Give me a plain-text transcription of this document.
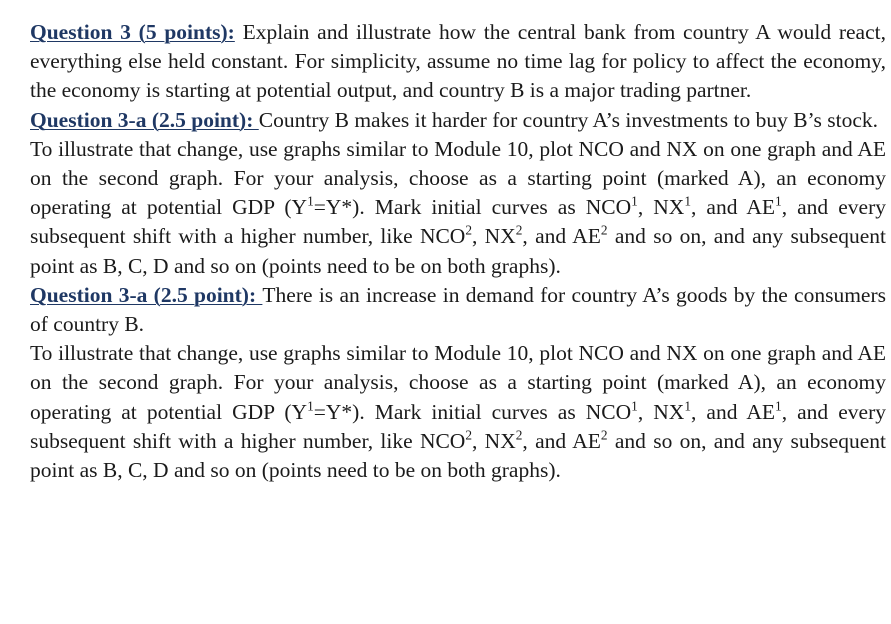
Question 3 (5 points): Explain and illustrate how the central bank from country A would react, everything else held constant. For simplicity, assume no time lag for policy to affect the economy, the economy is starting at potential output, and country B is a major trading partner.

Question 3-a (2.5 point): Country B makes it harder for country A’s investments to buy B’s stock.

To illustrate that change, use graphs similar to Module 10, plot NCO and NX on one graph and AE on the second graph. For your analysis, choose as a starting point (marked A), an economy operating at potential GDP $(Y^1=Y*)$. Mark initial curves as NCO$^1$, $NX^1$, and $AE^1$, and every subsequent shift with a higher number, like NCO$^2$, $NX^2$, and $AE^2$ and so on, and any subsequent point as B, C, D and so on (points need to be on both graphs).

Question 3-a (2.5 point): There is an increase in demand for country A’s goods by the consumers of country B.

To illustrate that change, use graphs similar to Module 10, plot NCO and NX on one graph and AE on the second graph. For your analysis, choose as a starting point (marked A), an economy operating at potential GDP $(Y^1=Y*)$. Mark initial curves as NCO$^1$, $NX^1$, and $AE^1$, and every subsequent shift with a higher number, like NCO$^2$, $NX^2$, and $AE^2$ and so on, and any subsequent point as B, C, D and so on (points need to be on both graphs).
